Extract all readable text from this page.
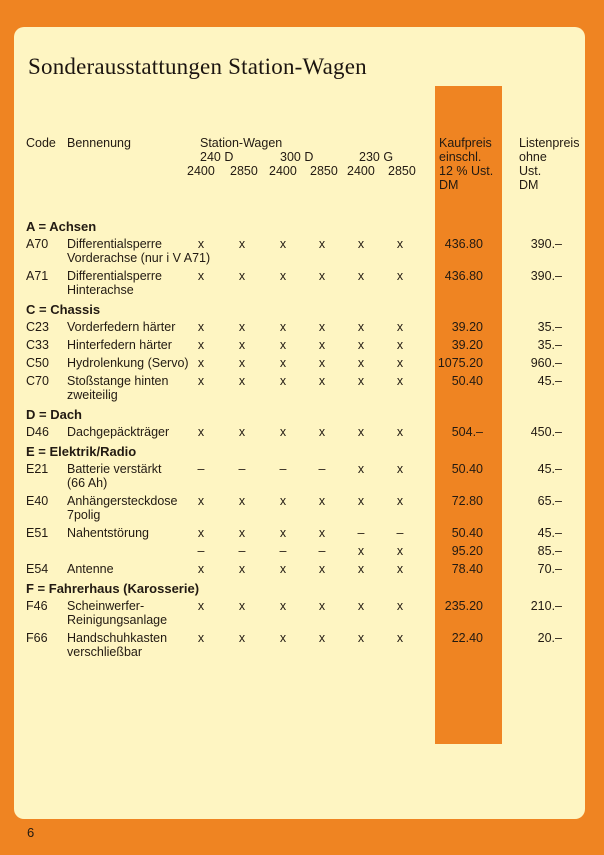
Sonderausstattungen Station-Wagen
Code Bennenung	Station-Wagen
240 D	300 D	230 G
2400 2850 2400 2850 2400 2850
Kaufpreis
einschl.
12 % Ust.
DM
Listenpreis
ohne
Ust.
DM
A = Achsen
A70 Differentialsperre
Vorderachse (nur i V A71)
x	x	x	x	x	x	436.80	390.–
A71 Differentialsperre
Hinterachse
x	x	x	x	x	x	436.80	390.–
C = Chassis
C23 Vorderfedern härter	x	x	x	x	x	x	39.20	35.–
C33 Hinterfedern härter	x	x	x	x	x	x	39.20	35.–
C50 Hydrolenkung (Servo) x	x	x	x	x	x	1075.20	960.–
C70 Stoßstange hinten
zweiteilig
x	x	x	x	x	x	50.40	45.–
D = Dach
D46 Dachgepäckträger	x	x	x	x	x	x	504.–	450.–
E = Elektrik/Radio
E21 Batterie verstärkt
(66 Ah)
–	–	–	–	x	x	50.40	45.–
E40 Anhängersteckdose
7polig
x	x	x	x	x	x	72.80	65.–
E51 Nahentstörung	x	x	x	x	–	–	50.40	45.–
–	–	–	–	x	x	95.20	85.–
E54 Antenne	x	x	x	x	x	x	78.40	70.–
F = Fahrerhaus (Karosserie)
F46 Scheinwerfer-
Reinigungsanlage
x	x	x	x	x	x	235.20	210.–
F66 Handschuhkasten
verschließbar
x	x	x	x	x	x	22.40	20.–
6
